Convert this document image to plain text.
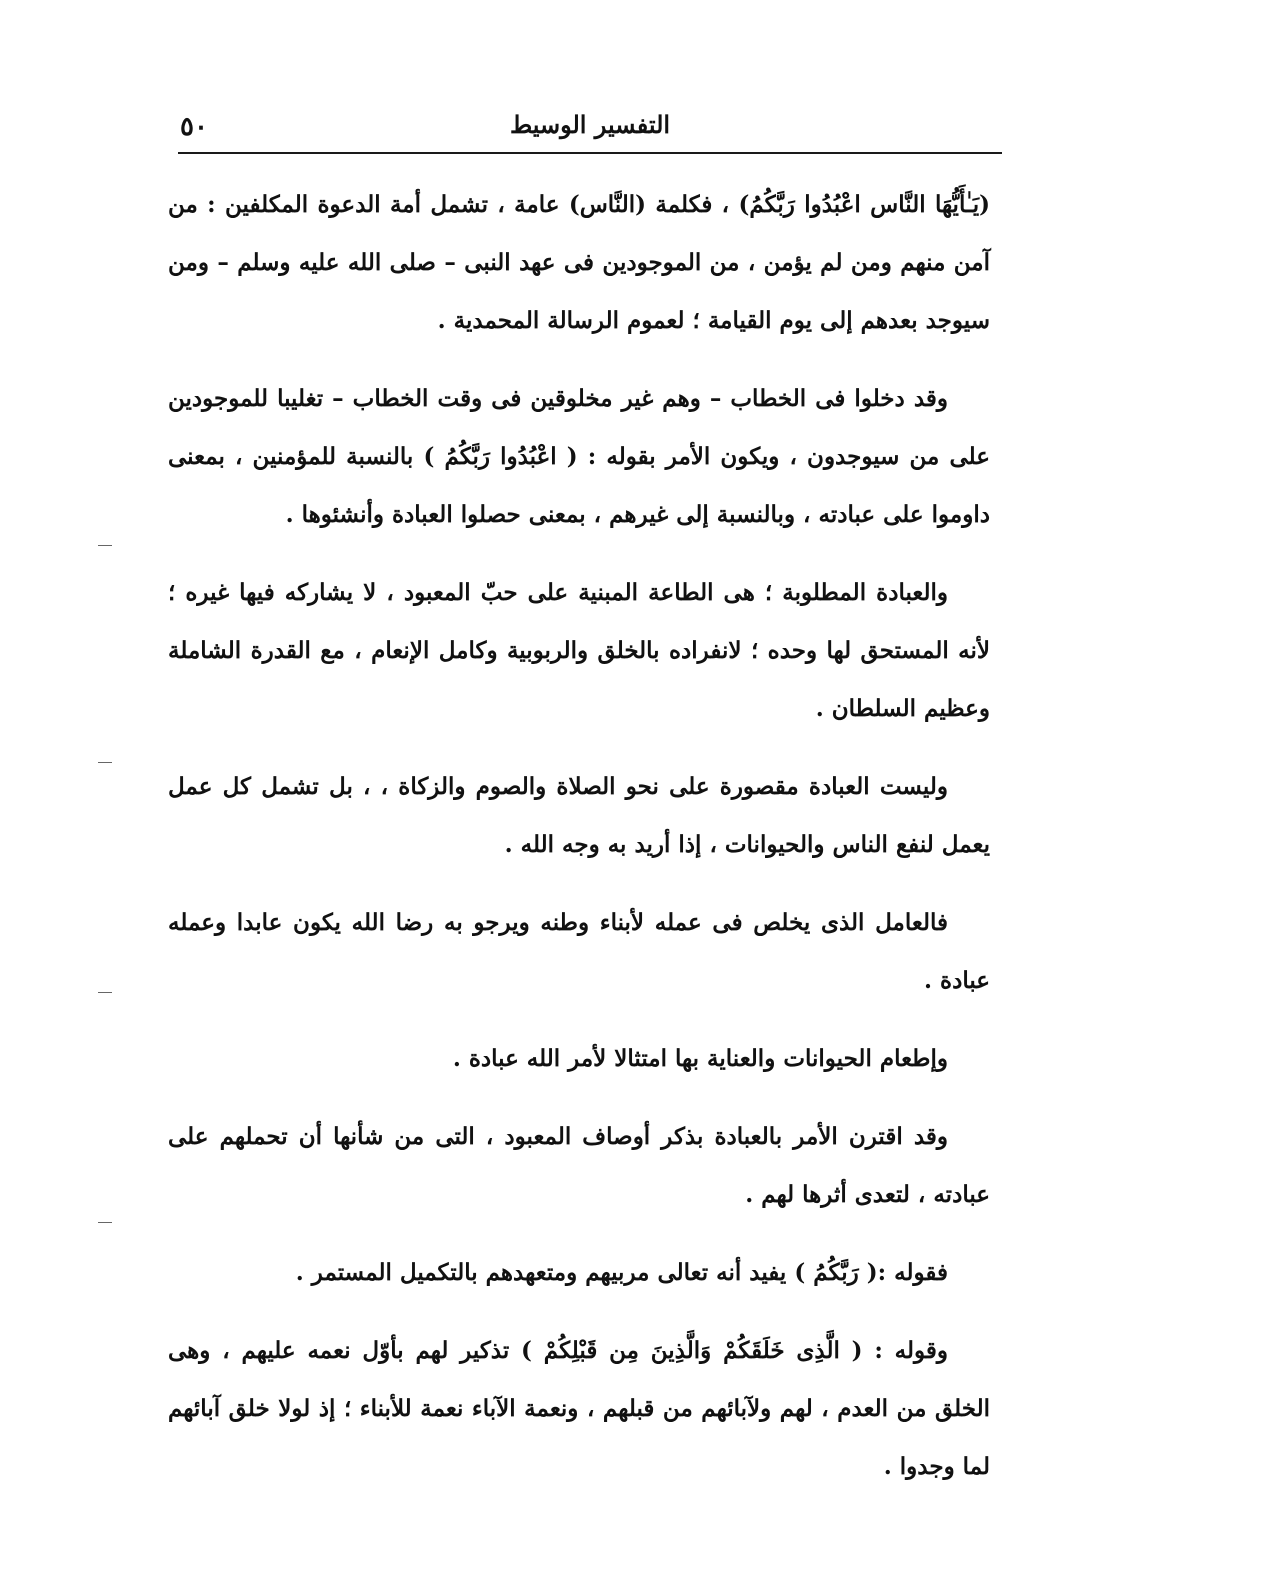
٥٠	التفسير الوسيط

(يَـٰأَيُّهَا النَّاس اعْبُدُوا رَبَّكُمُ) ، فكلمة (النَّاس) عامة ، تشمل أمة الدعوة المكلفين : من آمن منهم ومن لم يؤمن ، من الموجودين فى عهد النبى – صلى الله عليه وسلم – ومن سيوجد بعدهم إلى يوم القيامة ؛ لعموم الرسالة المحمدية .

وقد دخلوا فى الخطاب – وهم غير مخلوقين فى وقت الخطاب – تغليبا للموجودين على من سيوجدون ، ويكون الأمر بقوله : ( اعْبُدُوا رَبَّكُمُ ) بالنسبة للمؤمنين ، بمعنى داوموا على عبادته ، وبالنسبة إلى غيرهم ، بمعنى حصلوا العبادة وأنشئوها .

والعبادة المطلوبة ؛ هى الطاعة المبنية على حبّ المعبود ، لا يشاركه فيها غيره ؛ لأنه المستحق لها وحده ؛ لانفراده بالخلق والربوبية وكامل الإنعام ، مع القدرة الشاملة وعظيم السلطان .

وليست العبادة مقصورة على نحو الصلاة والصوم والزكاة ، ، بل تشمل كل عمل يعمل لنفع الناس والحيوانات ، إذا أريد به وجه الله .

فالعامل الذى يخلص فى عمله لأبناء وطنه ويرجو به رضا الله يكون عابدا وعمله عبادة .

وإطعام الحيوانات والعناية بها امتثالا لأمر الله عبادة .

وقد اقترن الأمر بالعبادة بذكر أوصاف المعبود ، التى من شأنها أن تحملهم على عبادته ، لتعدى أثرها لهم .

فقوله :( رَبَّكُمُ ) يفيد أنه تعالى مربيهم ومتعهدهم بالتكميل المستمر .

وقوله : ( الَّذِى خَلَقَكُمْ وَالَّذِينَ مِن قَبْلِكُمْ ) تذكير لهم بأوّل نعمه عليهم ، وهى الخلق من العدم ، لهم ولآبائهم من قبلهم ، ونعمة الآباء نعمة للأبناء ؛ إذ لولا خلق آبائهم لما وجدوا .
